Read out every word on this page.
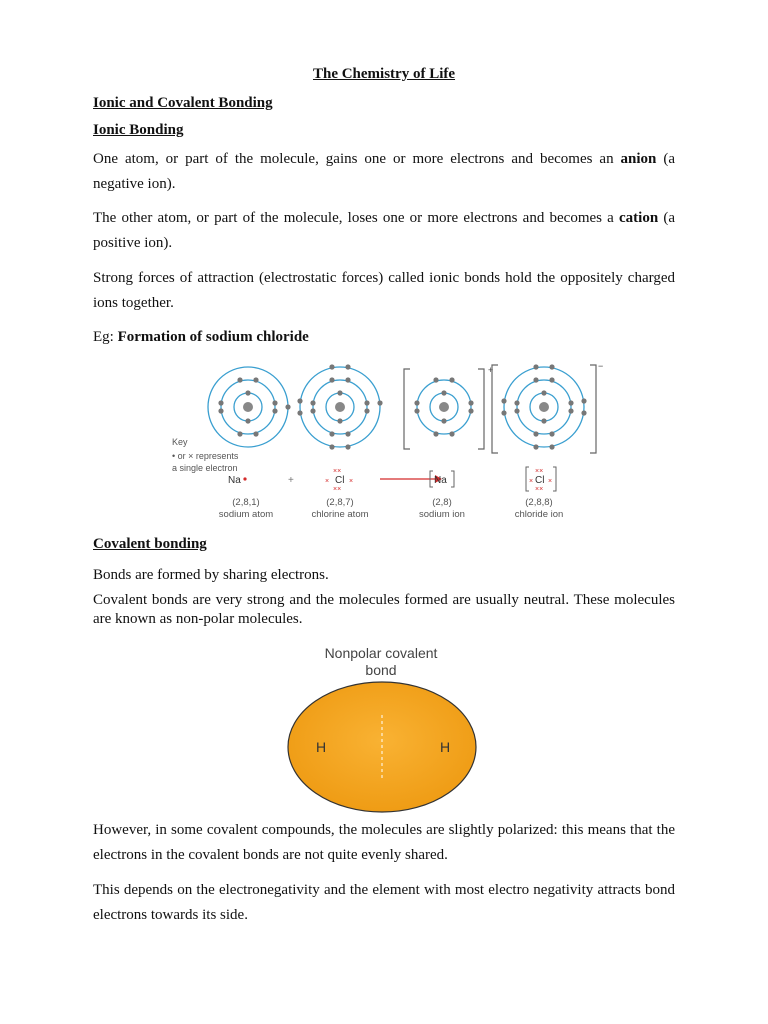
The Chemistry of Life
Ionic and Covalent Bonding
Ionic Bonding
One atom, or part of the molecule, gains one or more electrons and becomes an anion (a negative ion).
The other atom, or part of the molecule, loses one or more electrons and becomes a cation (a positive ion).
Strong forces of attraction (electrostatic forces) called ionic bonds hold the oppositely charged ions together.
Eg: Formation of sodium chloride
+	−
Key
• or × represents
a single electron
Na	+	Cl
××
××
×	×	Na	Cl
××
××
× ×
(2,8,1)
sodium atom
(2,8,7)
chlorine atom
(2,8)
sodium ion
(2,8,8)
chloride ion
Covalent bonding
Bonds are formed by sharing electrons.
Covalent bonds are very strong and the molecules formed are usually neutral. These molecules are known as non-polar molecules.
Nonpolar covalent
bond
H	H
However, in some covalent compounds, the molecules are slightly polarized: this means that the electrons in the covalent bonds are not quite evenly shared.
This depends on the electronegativity and the element with most electro negativity attracts bond electrons towards its side.
